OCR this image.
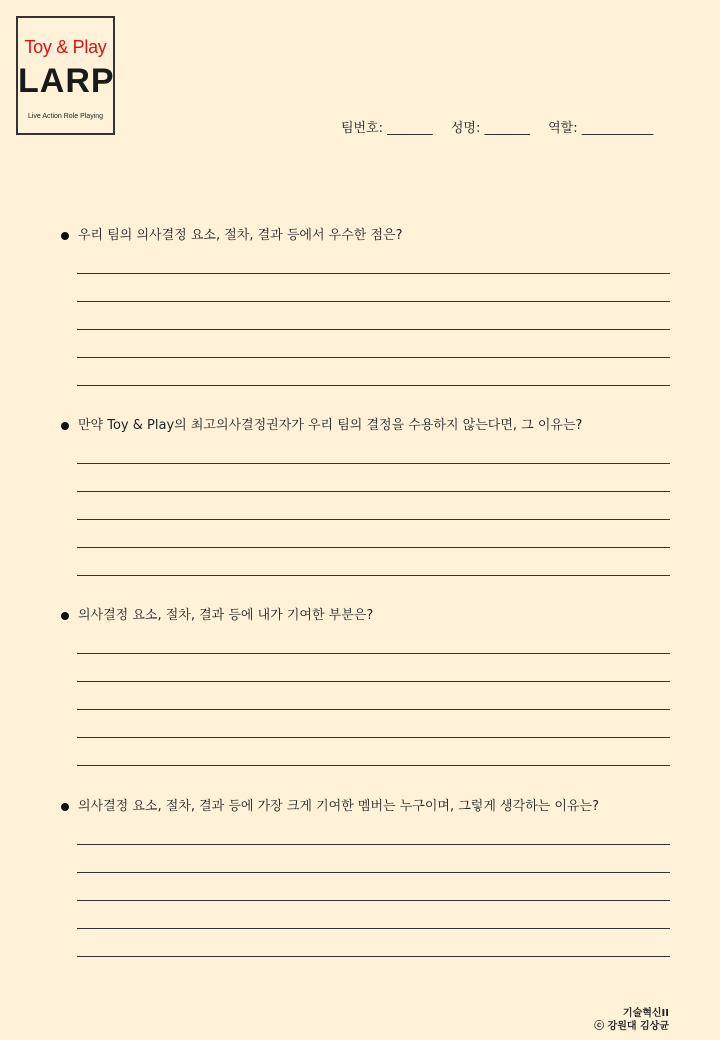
Toy & Play
LARP
Live Action Role Playing
팀번호: _______ 성명: _______ 역할: ___________
우리 팀의 의사결정 요소, 절차, 결과 등에서 우수한 점은?
만약 Toy & Play의 최고의사결정권자가 우리 팀의 결정을 수용하지 않는다면, 그 이유는?
의사결정 요소, 절차, 결과 등에 내가 기여한 부분은?
의사결정 요소, 절차, 결과 등에 가장 크게 기여한 멤버는 누구이며, 그렇게 생각하는 이유는?
기술혁신II
ⓒ 강원대 김상균
